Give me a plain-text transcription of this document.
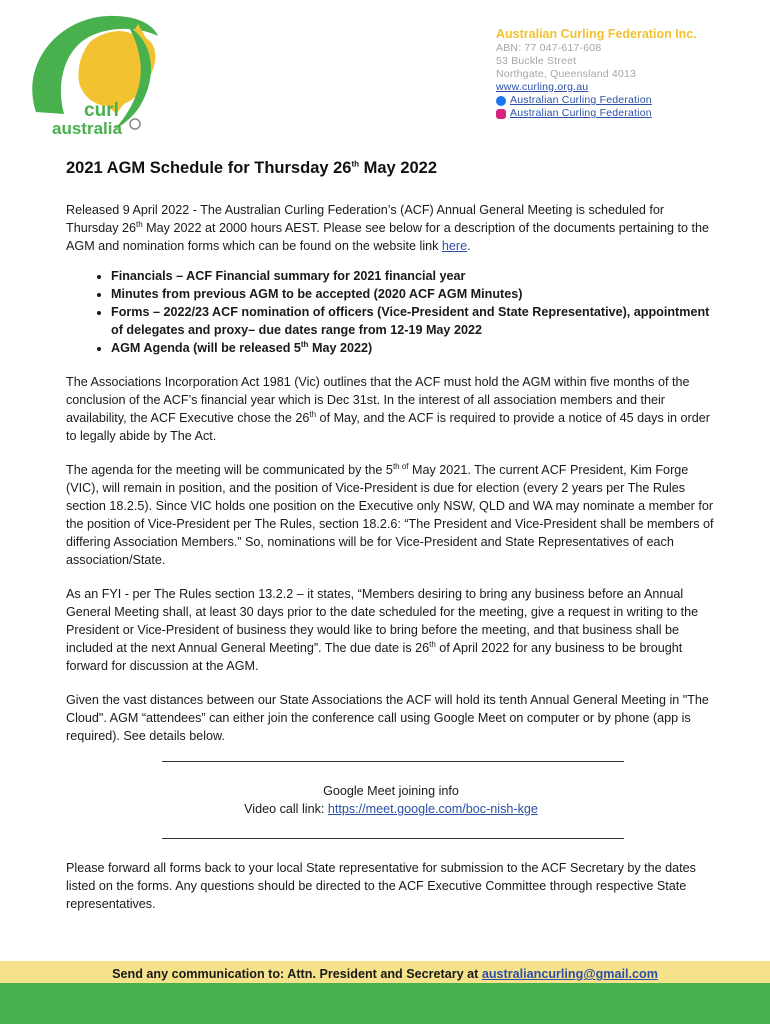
curl
australia
Australian Curling Federation Inc.
ABN: 77 047-617-608
53 Buckle Street
Northgate, Queensland 4013
www.curling.org.au
Australian Curling Federation
Australian Curling Federation
2021 AGM Schedule for Thursday 26th May 2022

Released 9 April 2022 - The Australian Curling Federation’s (ACF) Annual General Meeting is scheduled for Thursday 26th May 2022 at 2000 hours AEST. Please see below for a description of the documents pertaining to the AGM and nomination forms which can be found on the website link here.

• Financials – ACF Financial summary for 2021 financial year
• Minutes from previous AGM to be accepted (2020 ACF AGM Minutes)
• Forms – 2022/23 ACF nomination of officers (Vice-President and State Representative), appointment of delegates and proxy– due dates range from 12-19 May 2022
• AGM Agenda (will be released 5th May 2022)

The Associations Incorporation Act 1981 (Vic) outlines that the ACF must hold the AGM within five months of the conclusion of the ACF’s financial year which is Dec 31st. In the interest of all association members and their availability, the ACF Executive chose the 26th of May, and the ACF is required to provide a notice of 45 days in order to legally abide by The Act.

The agenda for the meeting will be communicated by the $5^{th of}$ May 2021. The current ACF President, Kim Forge (VIC), will remain in position, and the position of Vice-President is due for election (every 2 years per The Rules section 18.2.5). Since VIC holds one position on the Executive only NSW, QLD and WA may nominate a member for the position of Vice-President per The Rules, section 18.2.6: “The President and Vice-President shall be members of differing Association Members.” So, nominations will be for Vice-President and State Representatives of each association/State.

As an FYI - per The Rules section 13.2.2 – it states, “Members desiring to bring any business before an Annual General Meeting shall, at least 30 days prior to the date scheduled for the meeting, give a request in writing to the President or Vice-President of business they would like to bring before the meeting, and that business shall be included at the next Annual General Meeting”. The due date is 26th of April 2022 for any business to be brought forward for discussion at the AGM.

Given the vast distances between our State Associations the ACF will hold its tenth Annual General Meeting in "The Cloud". AGM “attendees” can either join the conference call using Google Meet on computer or by phone (app is required). See details below.

Google Meet joining info
Video call link: https://meet.google.com/boc-nish-kge

Please forward all forms back to your local State representative for submission to the ACF Secretary by the dates listed on the forms. Any questions should be directed to the ACF Executive Committee through respective State representatives.

Send any communication to: Attn. President and Secretary at australiancurling@gmail.com
